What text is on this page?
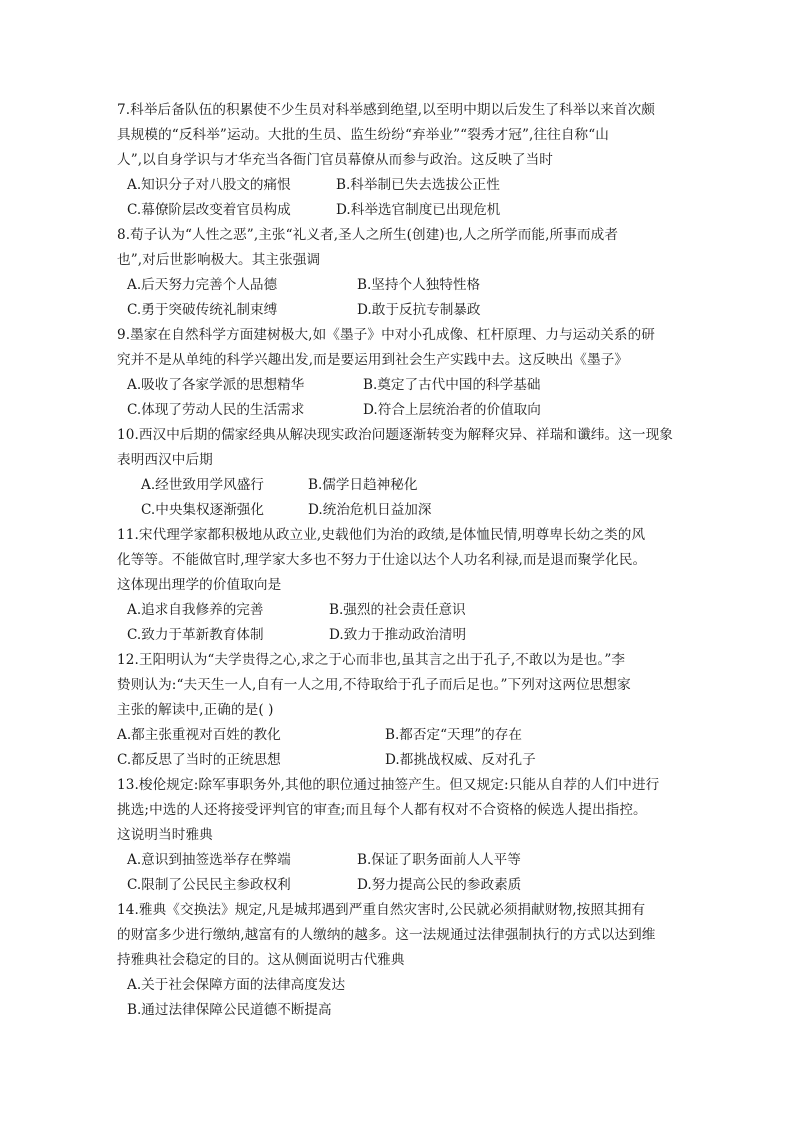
7.科举后备队伍的积累使不少生员对科举感到绝望,以至明中期以后发生了科举以来首次颇
具规模的“反科举”运动。大批的生员、监生纷纷“弃举业”“裂秀才冠”,往往自称“山
人”,以自身学识与才华充当各衙门官员幕僚从而参与政治。这反映了当时
A.知识分子对八股文的痛恨	B.科举制已失去选拔公正性
C.幕僚阶层改变着官员构成	D.科举选官制度已出现危机
8.荀子认为“人性之恶”,主张“礼义者,圣人之所生(创建)也,人之所学而能,所事而成者
也”,对后世影响极大。其主张强调
A.后天努力完善个人品德	B.坚持个人独特性格
C.勇于突破传统礼制束缚	D.敢于反抗专制暴政
9.墨家在自然科学方面建树极大,如《墨子》中对小孔成像、杠杆原理、力与运动关系的研
究并不是从单纯的科学兴趣出发,而是要运用到社会生产实践中去。这反映出《墨子》
A.吸收了各家学派的思想精华	B.奠定了古代中国的科学基础
C.体现了劳动人民的生活需求	D.符合上层统治者的价值取向
10.西汉中后期的儒家经典从解决现实政治问题逐渐转变为解释灾异、祥瑞和谶纬。这一现象
表明西汉中后期
A.经世致用学风盛行	B.儒学日趋神秘化
C.中央集权逐渐强化	D.统治危机日益加深
11.宋代理学家都积极地从政立业,史载他们为治的政绩,是体恤民情,明尊卑长幼之类的风
化等等。不能做官时,理学家大多也不努力于仕途以达个人功名利禄,而是退而聚学化民。
这体现出理学的价值取向是
A.追求自我修养的完善	B.强烈的社会责任意识
C.致力于革新教育体制	D.致力于推动政治清明
12.王阳明认为“夫学贵得之心,求之于心而非也,虽其言之出于孔子,不敢以为是也。”李
贽则认为:“夫天生一人,自有一人之用,不待取给于孔子而后足也。”下列对这两位思想家
主张的解读中,正确的是( )
A.都主张重视对百姓的教化	B.都否定“天理”的存在
C.都反思了当时的正统思想	D.都挑战权威、反对孔子
13.梭伦规定:除军事职务外,其他的职位通过抽签产生。但又规定:只能从自荐的人们中进行
挑选;中选的人还将接受评判官的审查;而且每个人都有权对不合资格的候选人提出指控。
这说明当时雅典
A.意识到抽签选举存在弊端	B.保证了职务面前人人平等
C.限制了公民民主参政权利	D.努力提高公民的参政素质
14.雅典《交换法》规定,凡是城邦遇到严重自然灾害时,公民就必须捐献财物,按照其拥有
的财富多少进行缴纳,越富有的人缴纳的越多。这一法规通过法律强制执行的方式以达到维
持雅典社会稳定的目的。这从侧面说明古代雅典
A.关于社会保障方面的法律高度发达
B.通过法律保障公民道德不断提高
